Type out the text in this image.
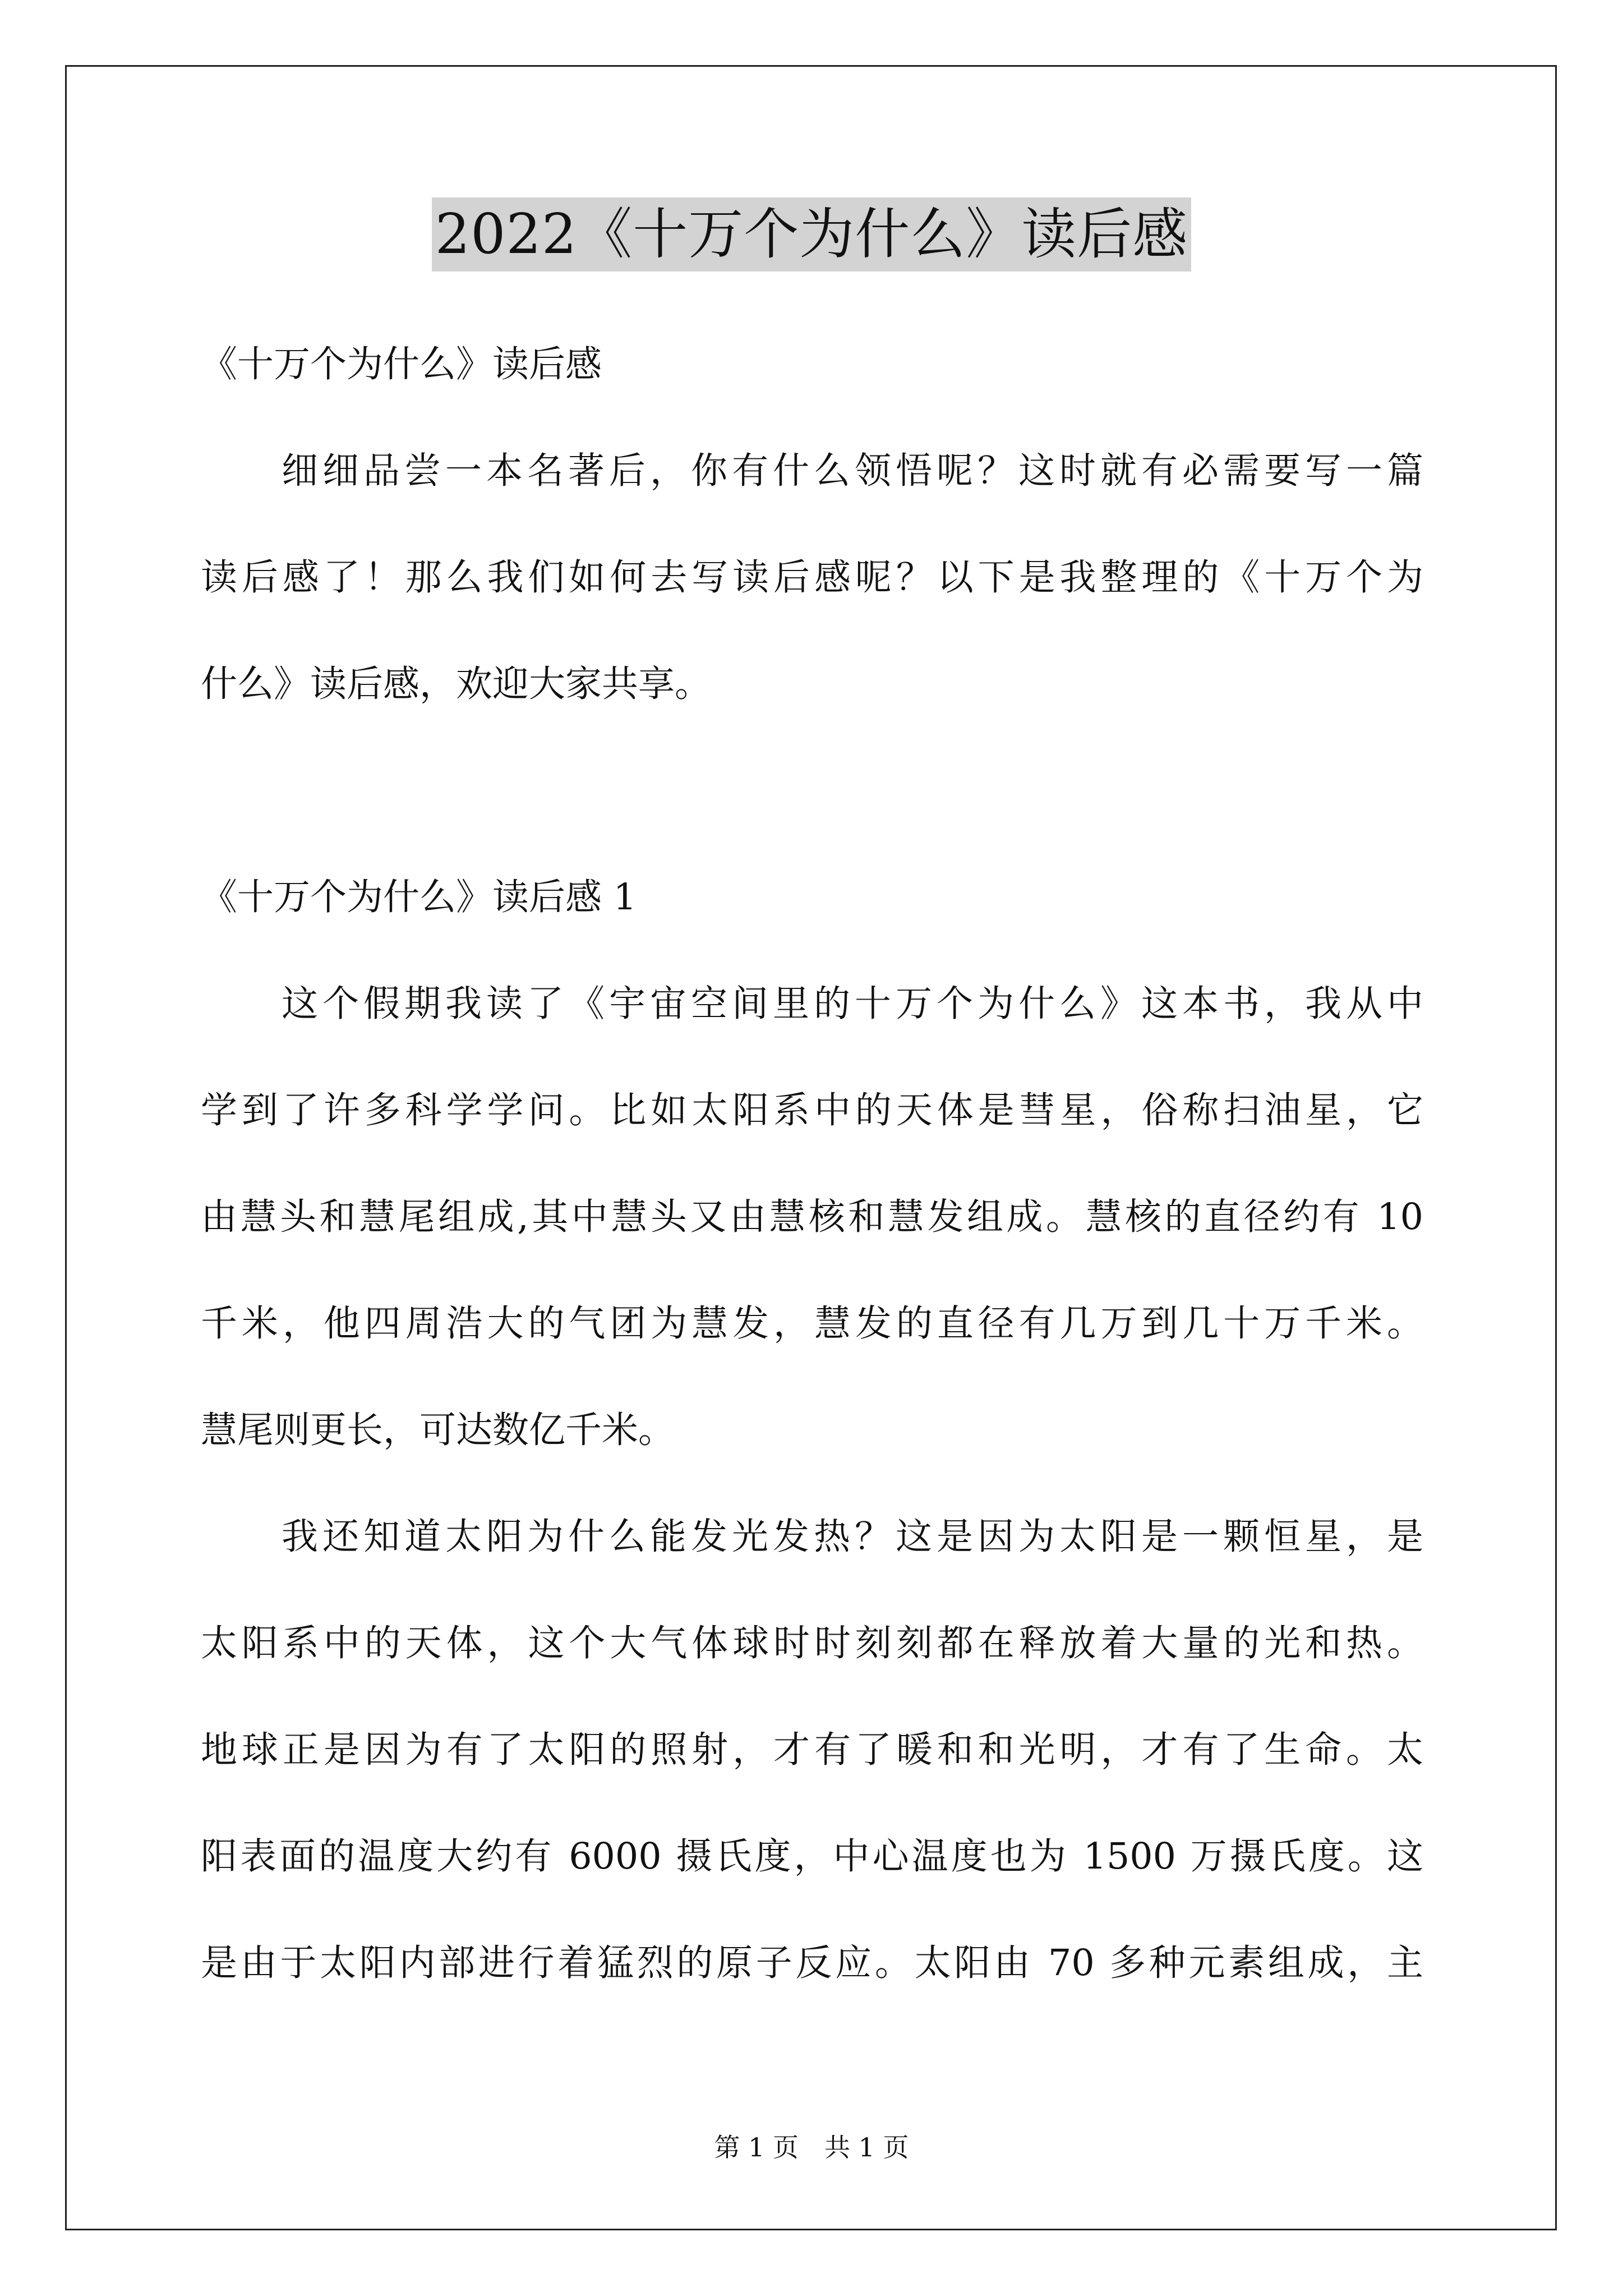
2022《十万个为什么》读后感
《十万个为什么》读后感
细细品尝一本名著后，你有什么领悟呢？这时就有必需要写一篇
读后感了！那么我们如何去写读后感呢？以下是我整理的《十万个为
什么》读后感，欢迎大家共享。
《十万个为什么》读后感 1
这个假期我读了《宇宙空间里的十万个为什么》这本书，我从中
学到了许多科学学问。比如太阳系中的天体是彗星，俗称扫油星，它
由慧头和慧尾组成,其中慧头又由慧核和慧发组成。慧核的直径约有 10
千米，他四周浩大的气团为慧发，慧发的直径有几万到几十万千米。
慧尾则更长，可达数亿千米。
我还知道太阳为什么能发光发热？这是因为太阳是一颗恒星，是
太阳系中的天体，这个大气体球时时刻刻都在释放着大量的光和热。
地球正是因为有了太阳的照射，才有了暖和和光明，才有了生命。太
阳表面的温度大约有 6000 摄氏度，中心温度也为 1500 万摄氏度。这
是由于太阳内部进行着猛烈的原子反应。太阳由 70 多种元素组成，主
第 1 页　共 1 页
